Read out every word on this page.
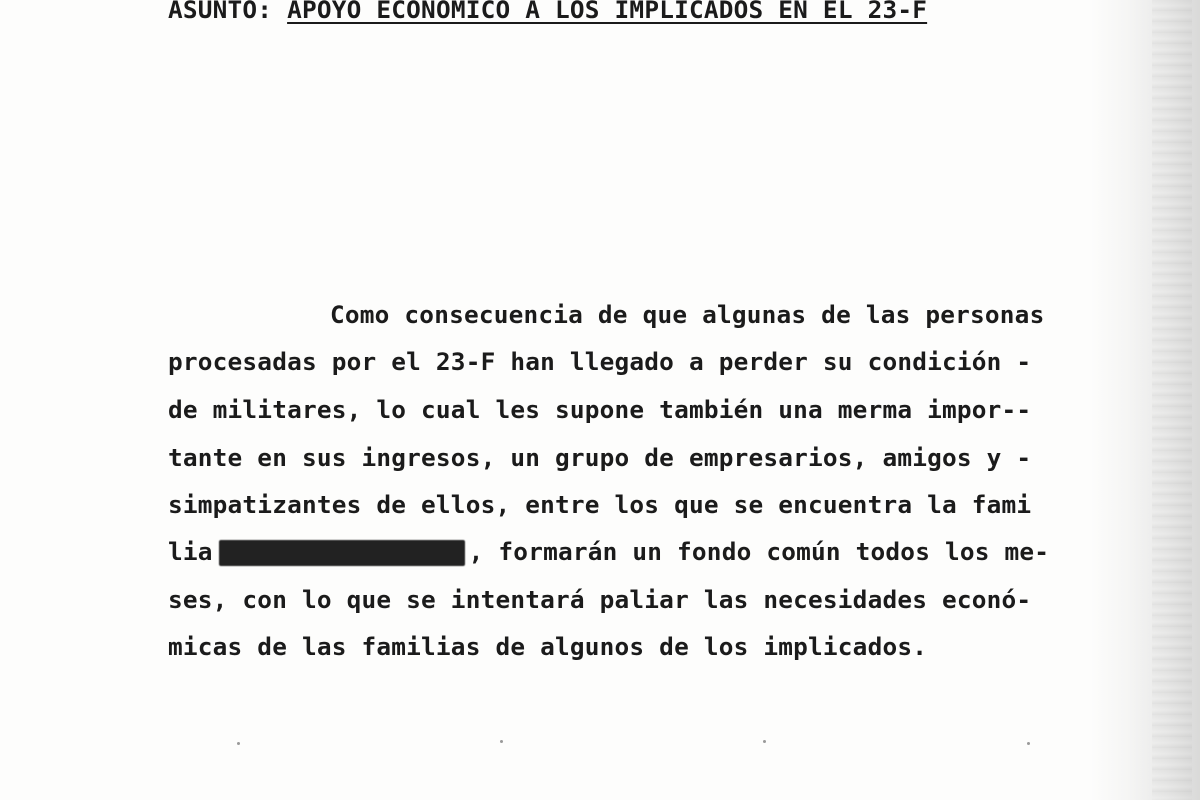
ASUNTO: APOYO ECONOMICO A LOS IMPLICADOS EN EL 23-F
Como consecuencia de que algunas de las personas
procesadas por el 23-F han llegado a perder su condición -
de militares, lo cual les supone también una merma impor--
tante en sus ingresos, un grupo de empresarios, amigos y -
simpatizantes de ellos, entre los que se encuentra la fami
lia	, formarán un fondo común todos los me-
ses, con lo que se intentará paliar las necesidades econó-
micas de las familias de algunos de los implicados.
